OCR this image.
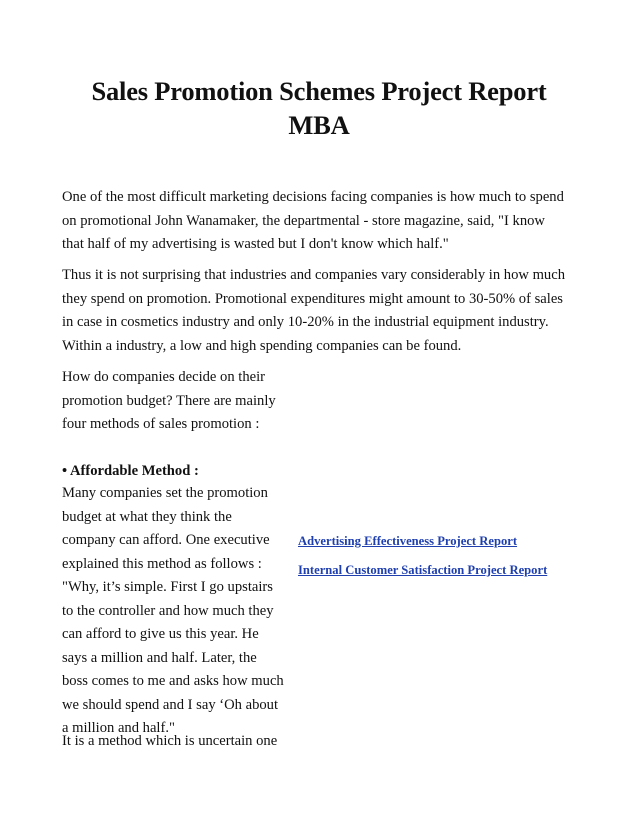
Sales Promotion Schemes Project Report
MBA

One of the most difficult marketing decisions facing companies is how much to spend
on promotional John Wanamaker, the departmental - store magazine, said, "I know
that half of my advertising is wasted but I don't know which half."

Thus it is not surprising that industries and companies vary considerably in how much
they spend on promotion. Promotional expenditures might amount to 30-50% of sales
in case in cosmetics industry and only 10-20% in the industrial equipment industry.
Within a industry, a low and high spending companies can be found.

How do companies decide on their
promotion budget? There are mainly
four methods of sales promotion :

• Affordable Method :

Many companies set the promotion
budget at what they think the
company can afford. One executive
explained this method as follows :
"Why, it’s simple. First I go upstairs
to the controller and how much they
can afford to give us this year. He
says a million and half. Later, the
boss comes to me and asks how much
we should spend and I say ‘Oh about
a million and half."

It is a method which is uncertain one

Advertising Effectiveness Project Report
Internal Customer Satisfaction Project Report
